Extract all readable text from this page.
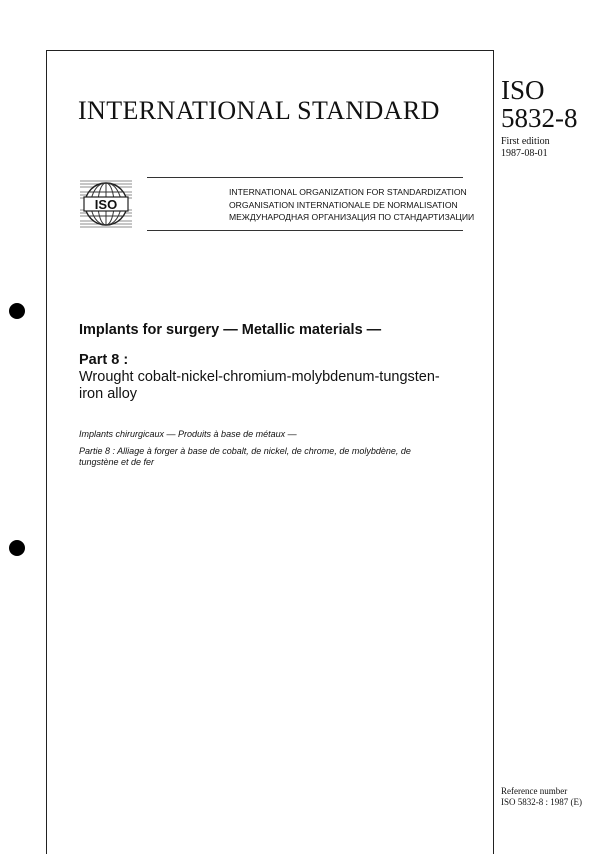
INTERNATIONAL STANDARD
ISO
5832-8
First edition
1987-08-01
ISO
INTERNATIONAL ORGANIZATION FOR STANDARDIZATION
ORGANISATION INTERNATIONALE DE NORMALISATION
МЕЖДУНАРОДНАЯ ОРГАНИЗАЦИЯ ПО СТАНДАРТИЗАЦИИ
Implants for surgery — Metallic materials —
Part 8 :
Wrought cobalt-nickel-chromium-molybdenum-tungsten-
iron alloy
Implants chirurgicaux — Produits à base de métaux —
Partie 8 : Alliage à forger à base de cobalt, de nickel, de chrome, de molybdène, de
tungstène et de fer
Reference number
ISO 5832-8 : 1987 (E)
